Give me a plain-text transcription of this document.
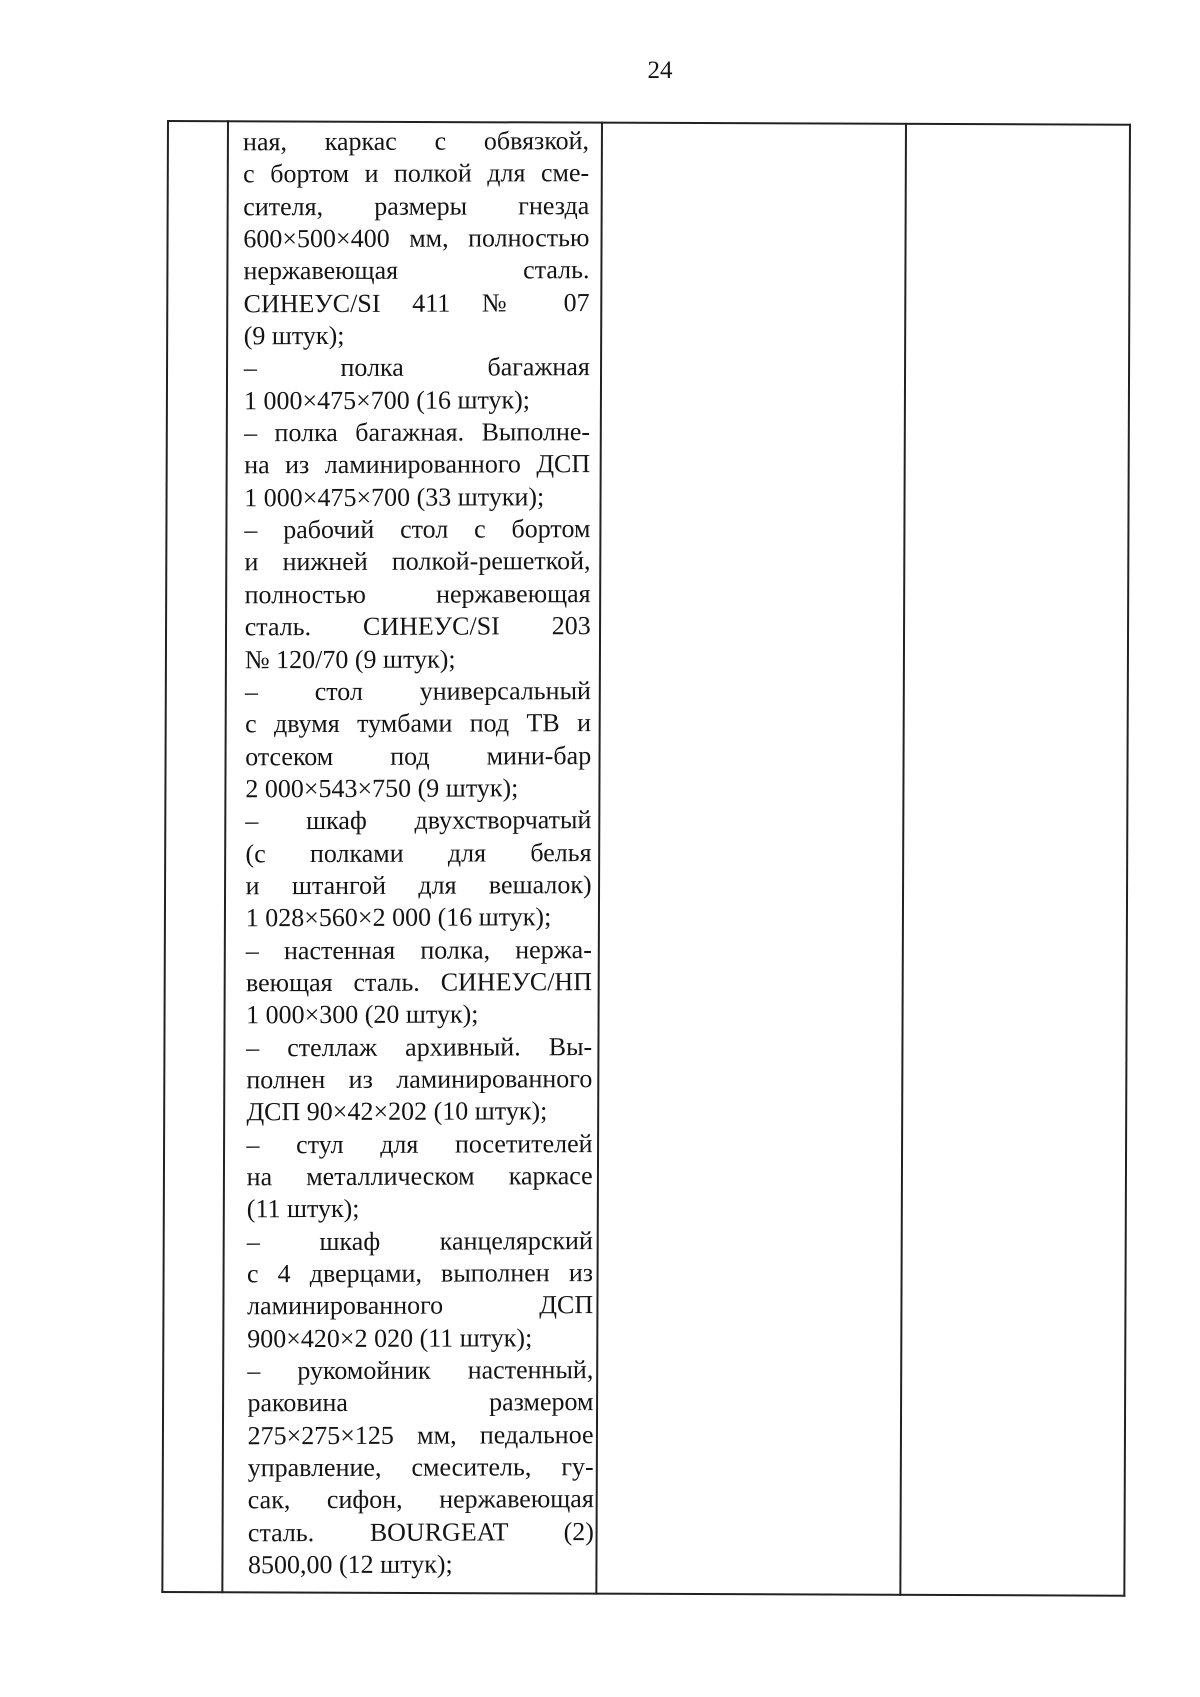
24
ная, каркас с обвязкой,
с бортом и полкой для сме-
сителя, размеры гнезда
600×500×400 мм, полностью
нержавеющая сталь.
СИНЕУС/SI 411 № 07
(9 штук);
– полка багажная
1 000×475×700 (16 штук);
– полка багажная. Выполне-
на из ламинированного ДСП
1 000×475×700 (33 штуки);
– рабочий стол с бортом
и нижней полкой-решеткой,
полностью нержавеющая
сталь. СИНЕУС/SI 203
№ 120/70 (9 штук);
– стол универсальный
с двумя тумбами под ТВ и
отсеком под мини-бар
2 000×543×750 (9 штук);
– шкаф двухстворчатый
(с полками для белья
и штангой для вешалок)
1 028×560×2 000 (16 штук);
– настенная полка, нержа-
веющая сталь. СИНЕУС/НП
1 000×300 (20 штук);
– стеллаж архивный. Вы-
полнен из ламинированного
ДСП 90×42×202 (10 штук);
– стул для посетителей
на металлическом каркасе
(11 штук);
– шкаф канцелярский
с 4 дверцами, выполнен из
ламинированного ДСП
900×420×2 020 (11 штук);
– рукомойник настенный,
раковина размером
275×275×125 мм, педальное
управление, смеситель, гу-
сак, сифон, нержавеющая
сталь. BOURGEAT (2)
8500,00 (12 штук);
